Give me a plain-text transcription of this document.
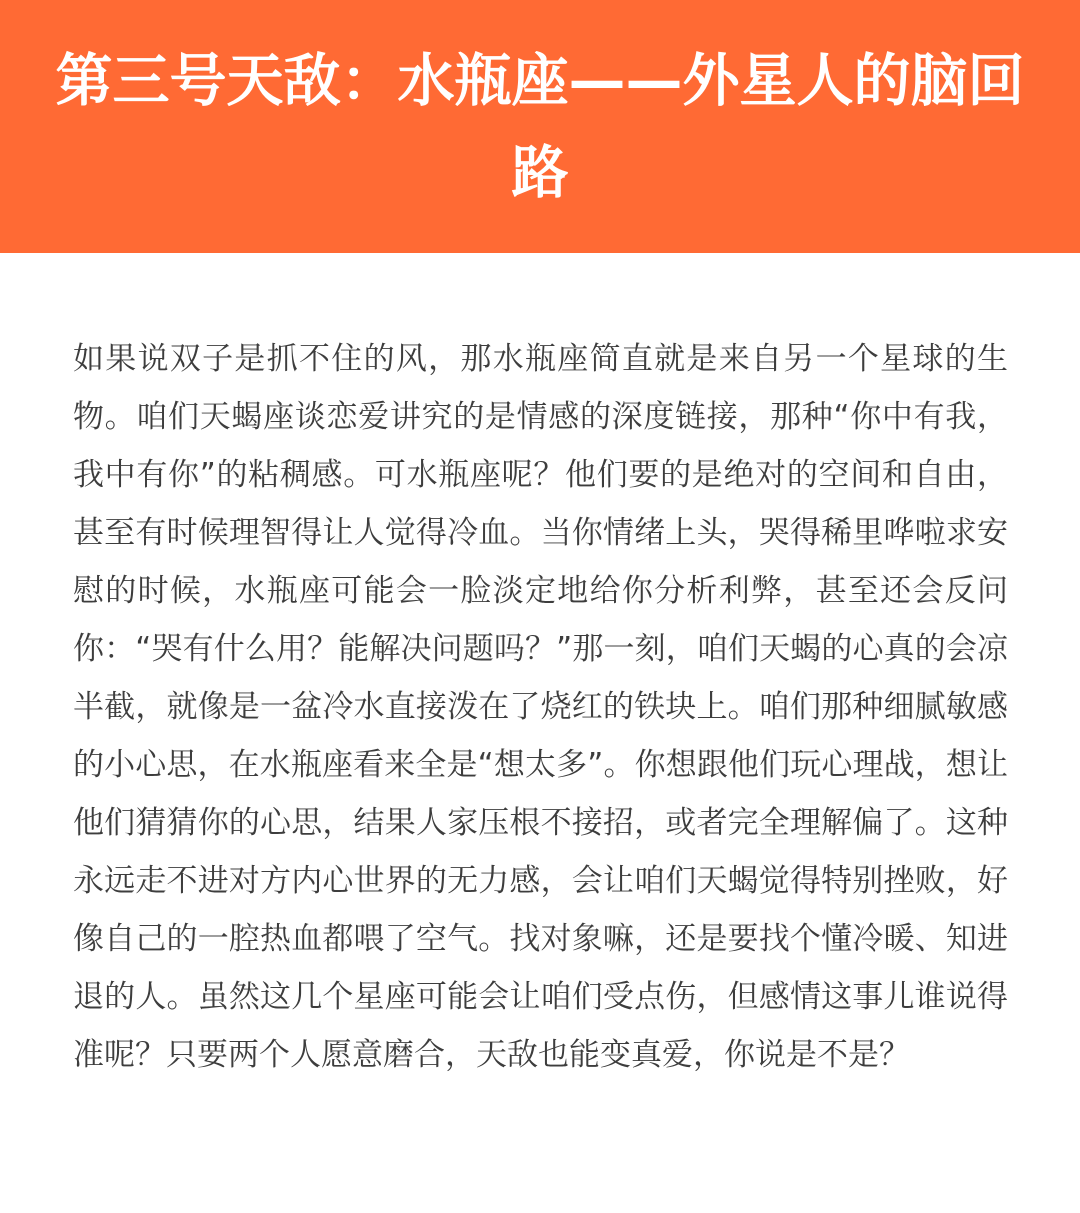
第三号天敌：水瓶座——外星人的脑回路

如果说双子是抓不住的风，那水瓶座简直就是来自另一个星球的生物。咱们天蝎座谈恋爱讲究的是情感的深度链接，那种“你中有我，我中有你”的粘稠感。可水瓶座呢？他们要的是绝对的空间和自由，甚至有时候理智得让人觉得冷血。当你情绪上头，哭得稀里哗啦求安慰的时候，水瓶座可能会一脸淡定地给你分析利弊，甚至还会反问你：“哭有什么用？能解决问题吗？”那一刻，咱们天蝎的心真的会凉半截，就像是一盆冷水直接泼在了烧红的铁块上。咱们那种细腻敏感的小心思，在水瓶座看来全是“想太多”。你想跟他们玩心理战，想让他们猜猜你的心思，结果人家压根不接招，或者完全理解偏了。这种永远走不进对方内心世界的无力感，会让咱们天蝎觉得特别挫败，好像自己的一腔热血都喂了空气。找对象嘛，还是要找个懂冷暖、知进退的人。虽然这几个星座可能会让咱们受点伤，但感情这事儿谁说得准呢？只要两个人愿意磨合，天敌也能变真爱，你说是不是？
